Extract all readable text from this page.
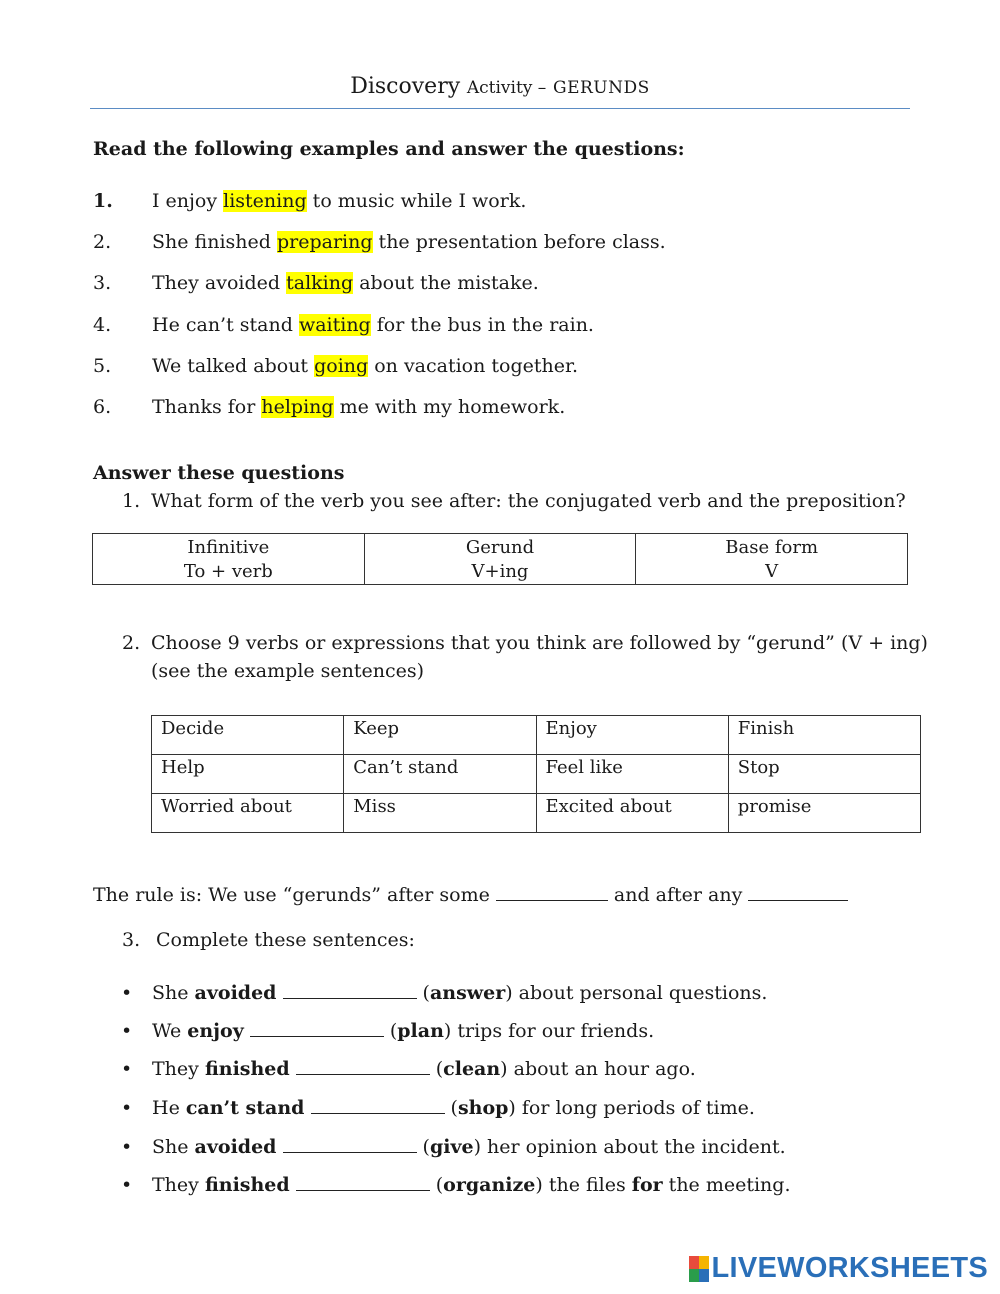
Discovery Activity – GERUNDS
Read the following examples and answer the questions:
1. I enjoy listening to music while I work.
2. She finished preparing the presentation before class.
3. They avoided talking about the mistake.
4. He can’t stand waiting for the bus in the rain.
5. We talked about going on vacation together.
6. Thanks for helping me with my homework.
Answer these questions
1. What form of the verb you see after: the conjugated verb and the preposition?
Infinitive
To + verb

Gerund
V+ing

Base form
V
2. Choose 9 verbs or expressions that you think are followed by “gerund” (V + ing)
(see the example sentences)
Decide	Keep	Enjoy	Finish
Help	Can’t stand	Feel like	Stop
Worried about	Miss	Excited about	promise
The rule is: We use “gerunds” after some	and after any
3. Complete these sentences:
• She avoided	(answer) about personal questions.
• We enjoy	(plan) trips for our friends.
• They finished	(clean) about an hour ago.
• He can’t stand	(shop) for long periods of time.
• She avoided	(give) her opinion about the incident.
• They finished	(organize) the files for the meeting.
LIVEWORKSHEETS
